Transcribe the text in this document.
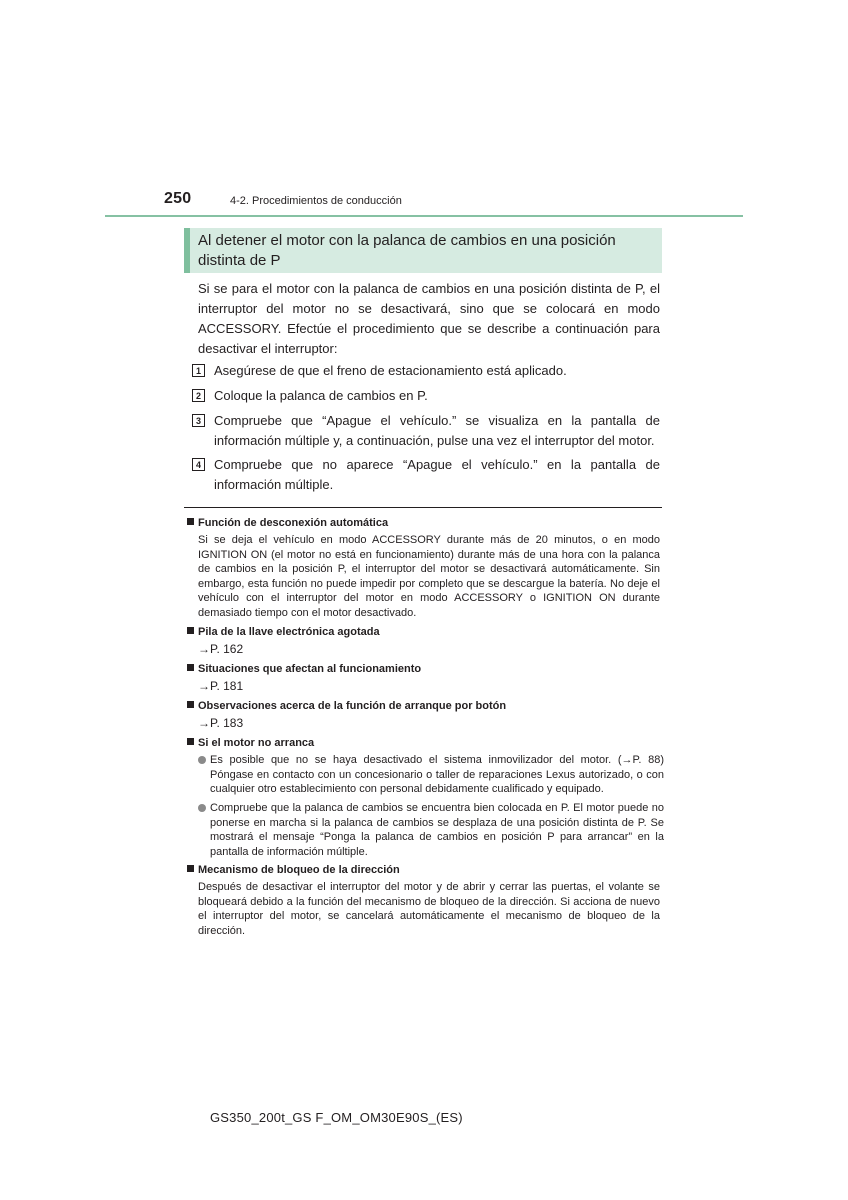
250	4-2. Procedimientos de conducción
Al detener el motor con la palanca de cambios en una posición distinta de P
Si se para el motor con la palanca de cambios en una posición distinta de P, el interruptor del motor no se desactivará, sino que se colocará en modo ACCESSORY. Efectúe el procedimiento que se describe a continuación para desactivar el interruptor:
1	Asegúrese de que el freno de estacionamiento está aplicado.
2	Coloque la palanca de cambios en P.
3	Compruebe que “Apague el vehículo.” se visualiza en la pantalla de información múltiple y, a continuación, pulse una vez el interruptor del motor.
4	Compruebe que no aparece “Apague el vehículo.” en la pantalla de información múltiple.
Función de desconexión automática
Si se deja el vehículo en modo ACCESSORY durante más de 20 minutos, o en modo IGNITION ON (el motor no está en funcionamiento) durante más de una hora con la palanca de cambios en la posición P, el interruptor del motor se desactivará automáticamente. Sin embargo, esta función no puede impedir por completo que se descargue la batería. No deje el vehículo con el interruptor del motor en modo ACCESSORY o IGNITION ON durante demasiado tiempo con el motor desactivado.
Pila de la llave electrónica agotada
→P. 162
Situaciones que afectan al funcionamiento
→P. 181
Observaciones acerca de la función de arranque por botón
→P. 183
Si el motor no arranca
Es posible que no se haya desactivado el sistema inmovilizador del motor. (→P. 88) Póngase en contacto con un concesionario o taller de reparaciones Lexus autorizado, o con cualquier otro establecimiento con personal debidamente cualificado y equipado.
Compruebe que la palanca de cambios se encuentra bien colocada en P. El motor puede no ponerse en marcha si la palanca de cambios se desplaza de una posición distinta de P. Se mostrará el mensaje “Ponga la palanca de cambios en posición P para arrancar” en la pantalla de información múltiple.
Mecanismo de bloqueo de la dirección
Después de desactivar el interruptor del motor y de abrir y cerrar las puertas, el volante se bloqueará debido a la función del mecanismo de bloqueo de la dirección. Si acciona de nuevo el interruptor del motor, se cancelará automáticamente el mecanismo de bloqueo de la dirección.
GS350_200t_GS F_OM_OM30E90S_(ES)
